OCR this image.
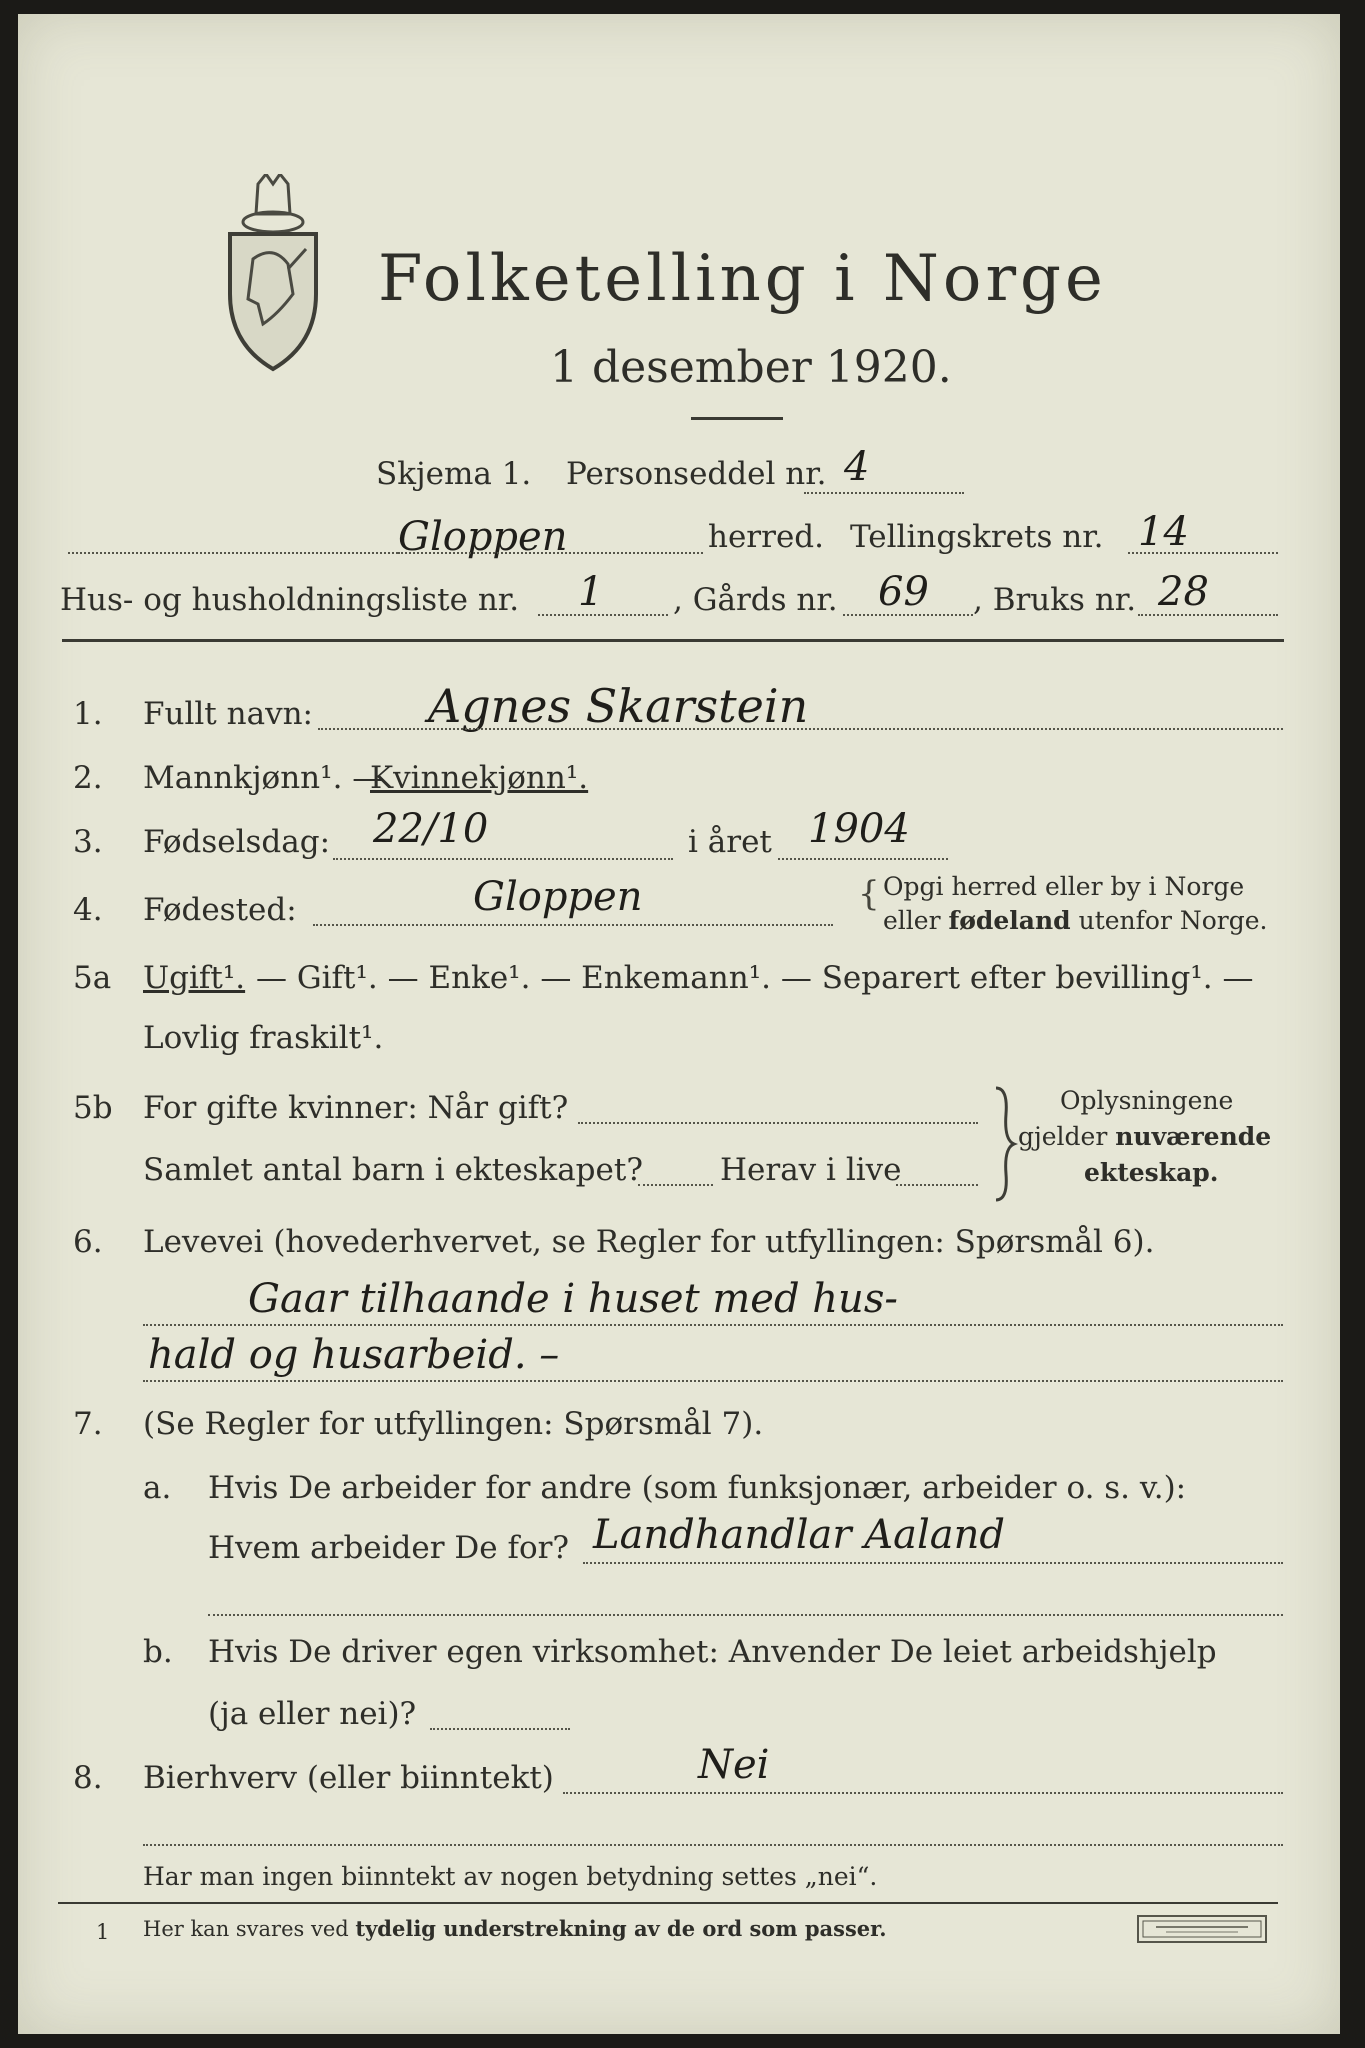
Folketelling i Norge
1 desember 1920.
Skjema 1. Personseddel nr. 4
Gloppen	herred. Tellingskrets nr. 14
Hus- og husholdningsliste nr. 1 , Gårds nr. 69 , Bruks nr. 28
1. Fullt navn:	Agnes Skarstein
2. Mannkjønn¹. —
Kvinnekjønn¹.
3. Fødselsdag: 22/10	i året 1904
4. Fødested:	Gloppen	{ Opgi herred eller by i Norge
eller fødeland utenfor Norge.
5a Ugift¹. — Gift¹. — Enke¹. — Enkemann¹. — Separert efter bevilling¹. —
Lovlig fraskilt¹.
5b For gifte kvinner: Når gift?
Samlet antal barn i ekteskapet? Herav i live
Oplysningene
gjelder nuværende
ekteskap.
6. Levevei (hovederhvervet, se Regler for utfyllingen: Spørsmål 6).
Gaar tilhaande i huset med hus-
hald og husarbeid. –
7. (Se Regler for utfyllingen: Spørsmål 7).
a. Hvis De arbeider for andre (som funksjonær, arbeider o. s. v.):
Hvem arbeider De for? Landhandlar Aaland
b. Hvis De driver egen virksomhet: Anvender De leiet arbeidshjelp
(ja eller nei)?
8. Bierhverv (eller biinntekt)	Nei
Har man ingen biinntekt av nogen betydning settes „nei“.
1 Her kan svares ved tydelig understrekning av de ord som passer.
